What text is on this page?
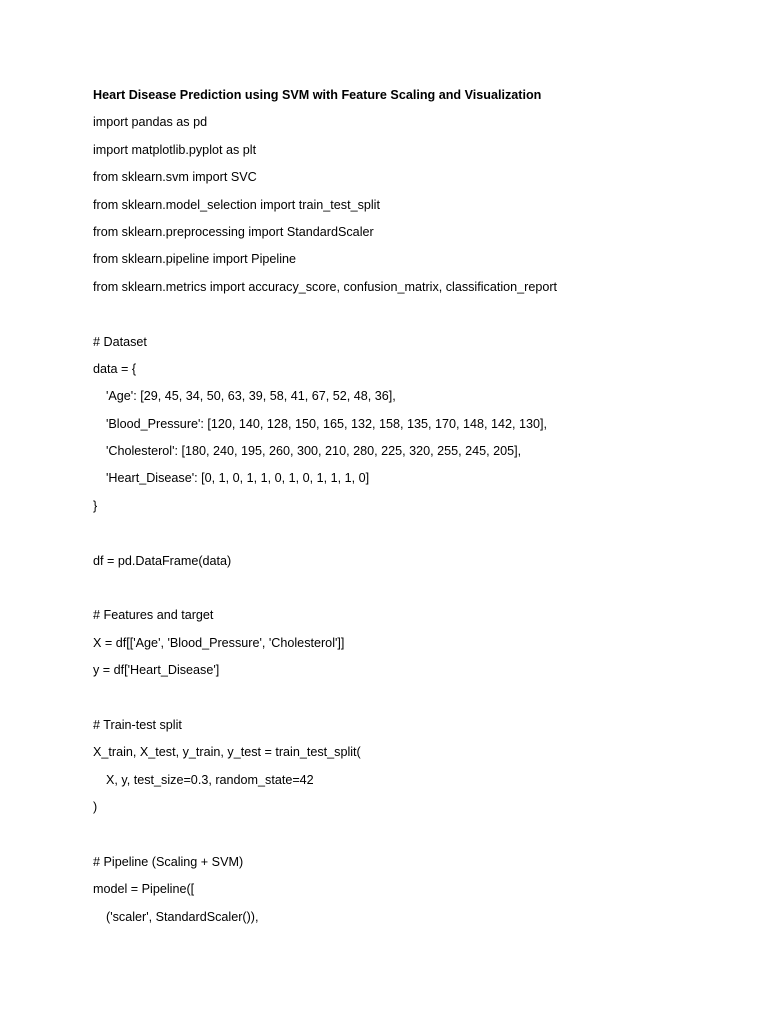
Heart Disease Prediction using SVM with Feature Scaling and Visualization
import pandas as pd
import matplotlib.pyplot as plt
from sklearn.svm import SVC
from sklearn.model_selection import train_test_split
from sklearn.preprocessing import StandardScaler
from sklearn.pipeline import Pipeline
from sklearn.metrics import accuracy_score, confusion_matrix, classification_report
# Dataset
data = {
'Age': [29, 45, 34, 50, 63, 39, 58, 41, 67, 52, 48, 36],
'Blood_Pressure': [120, 140, 128, 150, 165, 132, 158, 135, 170, 148, 142, 130],
'Cholesterol': [180, 240, 195, 260, 300, 210, 280, 225, 320, 255, 245, 205],
'Heart_Disease': [0, 1, 0, 1, 1, 0, 1, 0, 1, 1, 1, 0]
}
df = pd.DataFrame(data)
# Features and target
X = df[['Age', 'Blood_Pressure', 'Cholesterol']]
y = df['Heart_Disease']
# Train-test split
X_train, X_test, y_train, y_test = train_test_split(
X, y, test_size=0.3, random_state=42
)
# Pipeline (Scaling + SVM)
model = Pipeline([
('scaler', StandardScaler()),
